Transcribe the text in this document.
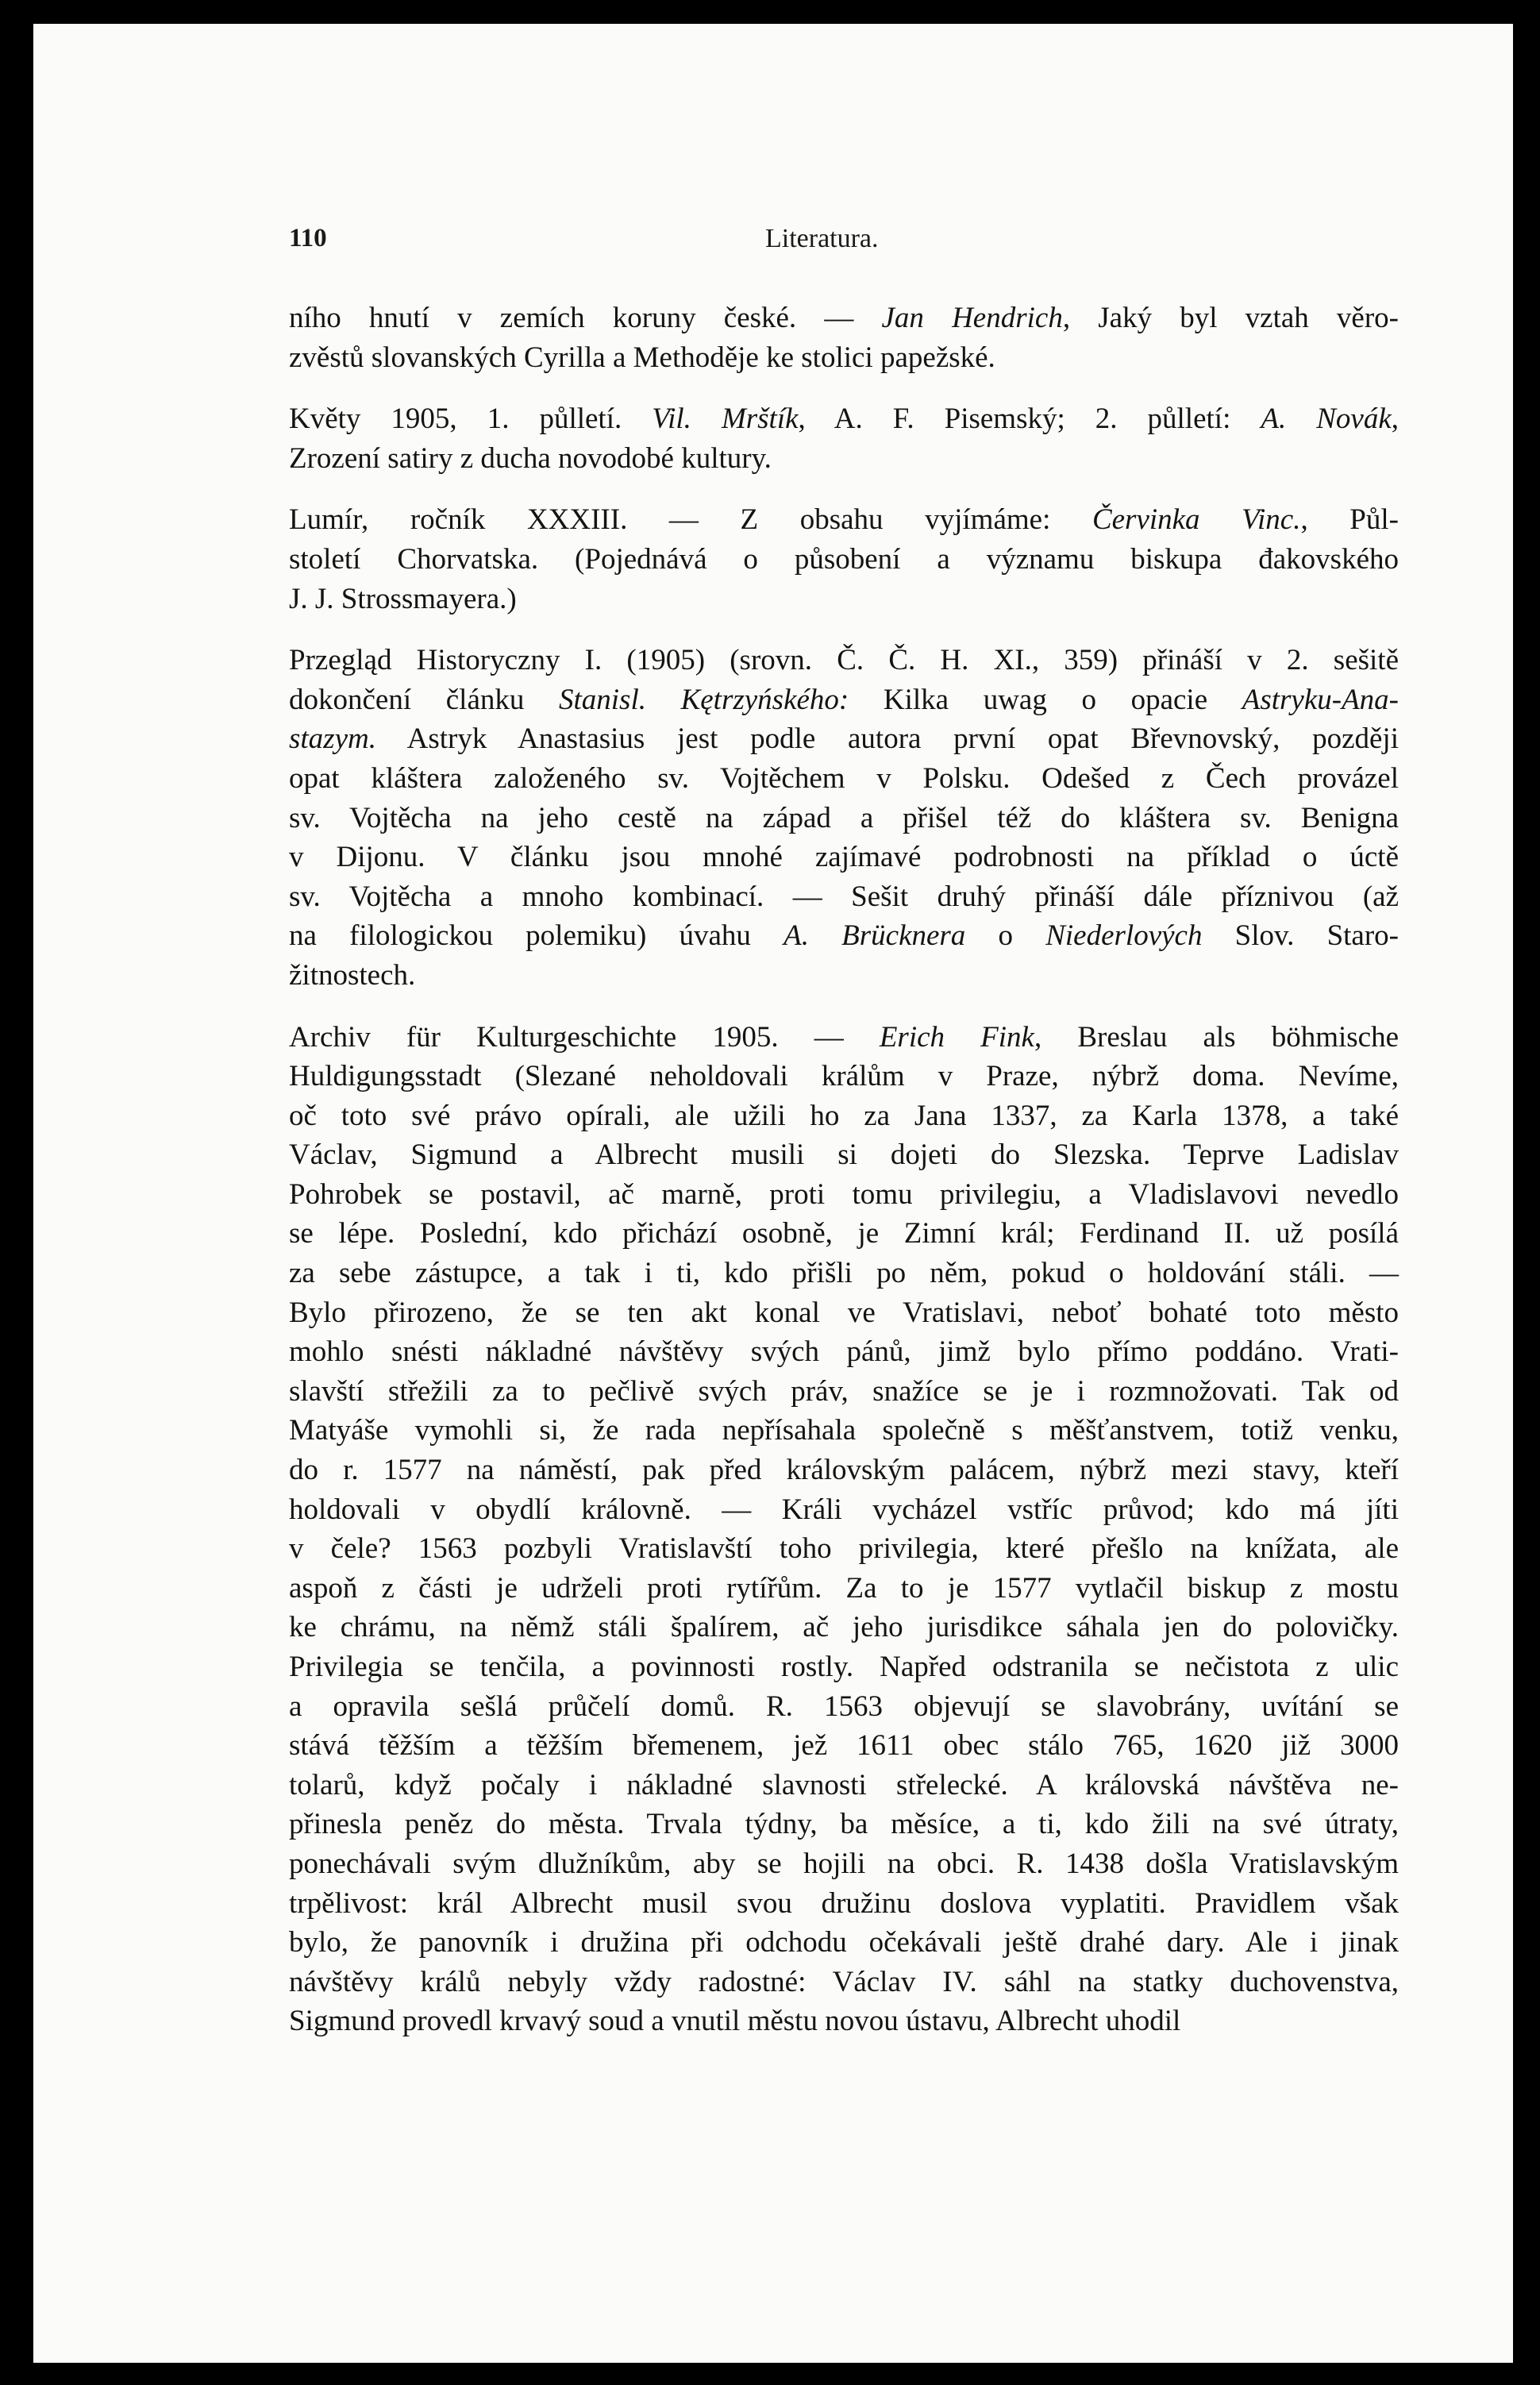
110	Literatura.
ního hnutí v zemích koruny české. — Jan Hendrich, Jaký byl vztah věro-
zvěstů slovanských Cyrilla a Methoděje ke stolici papežské.
Květy 1905, 1. půlletí. Vil. Mrštík, A. F. Pisemský; 2. půlletí: A. Novák,
Zrození satiry z ducha novodobé kultury.
Lumír, ročník XXXIII. — Z obsahu vyjímáme: Červinka Vinc., Půl-
století Chorvatska. (Pojednává o působení a významu biskupa đakovského
J. J. Strossmayera.)
Przegląd Historyczny I. (1905) (srovn. Č. Č. H. XI., 359) přináší v 2. sešitě
dokončení článku Stanisl. Kętrzyńského: Kilka uwag o opacie Astryku-Ana-
stazym. Astryk Anastasius jest podle autora první opat Břevnovský, později
opat kláštera založeného sv. Vojtěchem v Polsku. Odešed z Čech provázel
sv. Vojtěcha na jeho cestě na západ a přišel též do kláštera sv. Benigna
v Dijonu. V článku jsou mnohé zajímavé podrobnosti na příklad o úctě
sv. Vojtěcha a mnoho kombinací. — Sešit druhý přináší dále příznivou (až
na filologickou polemiku) úvahu A. Brücknera o Niederlových Slov. Staro-
žitnostech.
Archiv für Kulturgeschichte 1905. — Erich Fink, Breslau als böhmische
Huldigungsstadt (Slezané neholdovali králům v Praze, nýbrž doma. Nevíme,
oč toto své právo opírali, ale užili ho za Jana 1337, za Karla 1378, a také
Václav, Sigmund a Albrecht musili si dojeti do Slezska. Teprve Ladislav
Pohrobek se postavil, ač marně, proti tomu privilegiu, a Vladislavovi nevedlo
se lépe. Poslední, kdo přichází osobně, je Zimní král; Ferdinand II. už posílá
za sebe zástupce, a tak i ti, kdo přišli po něm, pokud o holdování stáli. —
Bylo přirozeno, že se ten akt konal ve Vratislavi, neboť bohaté toto město
mohlo snésti nákladné návštěvy svých pánů, jimž bylo přímo poddáno. Vrati-
slavští střežili za to pečlivě svých práv, snažíce se je i rozmnožovati. Tak od
Matyáše vymohli si, že rada nepřísahala společně s měšťanstvem, totiž venku,
do r. 1577 na náměstí, pak před královským palácem, nýbrž mezi stavy, kteří
holdovali v obydlí královně. — Králi vycházel vstříc průvod; kdo má jíti
v čele? 1563 pozbyli Vratislavští toho privilegia, které přešlo na knížata, ale
aspoň z části je udrželi proti rytířům. Za to je 1577 vytlačil biskup z mostu
ke chrámu, na němž stáli špalírem, ač jeho jurisdikce sáhala jen do polovičky.
Privilegia se tenčila, a povinnosti rostly. Napřed odstranila se nečistota z ulic
a opravila sešlá průčelí domů. R. 1563 objevují se slavobrány, uvítání se
stává těžším a těžším břemenem, jež 1611 obec stálo 765, 1620 již 3000
tolarů, když počaly i nákladné slavnosti střelecké. A královská návštěva ne-
přinesla peněz do města. Trvala týdny, ba měsíce, a ti, kdo žili na své útraty,
ponechávali svým dlužníkům, aby se hojili na obci. R. 1438 došla Vratislavským
trpělivost: král Albrecht musil svou družinu doslova vyplatiti. Pravidlem však
bylo, že panovník i družina při odchodu očekávali ještě drahé dary. Ale i jinak
návštěvy králů nebyly vždy radostné: Václav IV. sáhl na statky duchovenstva,
Sigmund provedl krvavý soud a vnutil městu novou ústavu, Albrecht uhodil
